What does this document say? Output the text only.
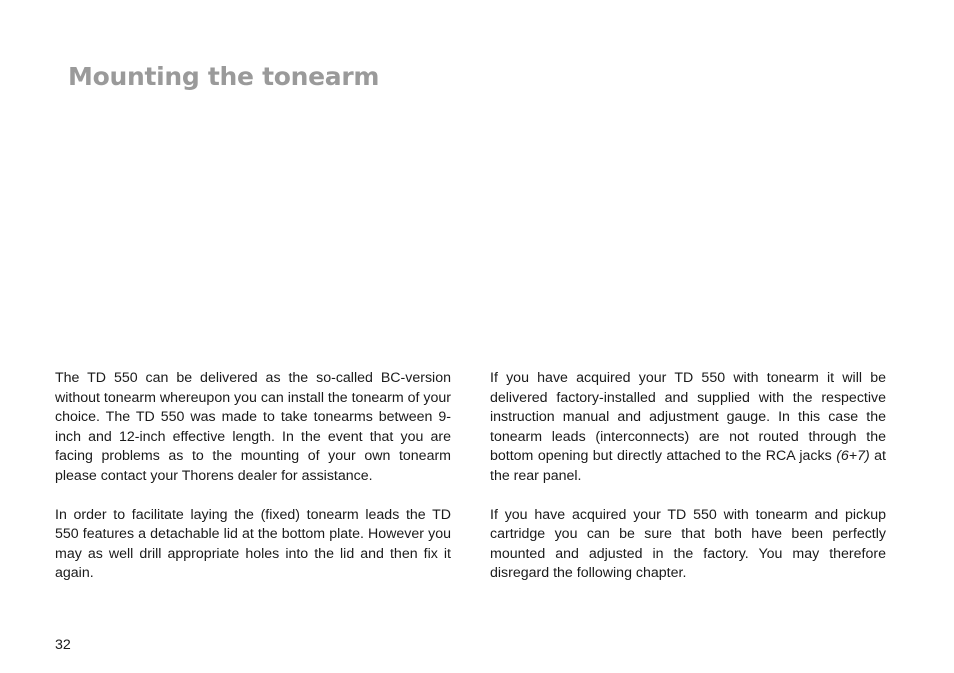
Mounting the tonearm

The TD 550 can be delivered as the so-called BC-version without tonearm whereupon you can install the tonearm of your choice. The TD 550 was made to take tonearms between 9-inch and 12-inch effective length. In the event that you are facing problems as to the mounting of your own tonearm please contact your Thorens dealer for assistance.

In order to facilitate laying the (fixed) tonearm leads the TD 550 features a detachable lid at the bottom plate. However you may as well drill appropriate holes into the lid and then fix it again.

If you have acquired your TD 550 with tonearm it will be delivered factory-installed and supplied with the respective instruction manual and adjustment gauge. In this case the tonearm leads (interconnects) are not routed through the bottom opening but directly attached to the RCA jacks (6+7) at the rear panel.

If you have acquired your TD 550 with tonearm and pickup cartridge you can be sure that both have been perfectly mounted and adjusted in the factory. You may therefore disregard the following chapter.

32
